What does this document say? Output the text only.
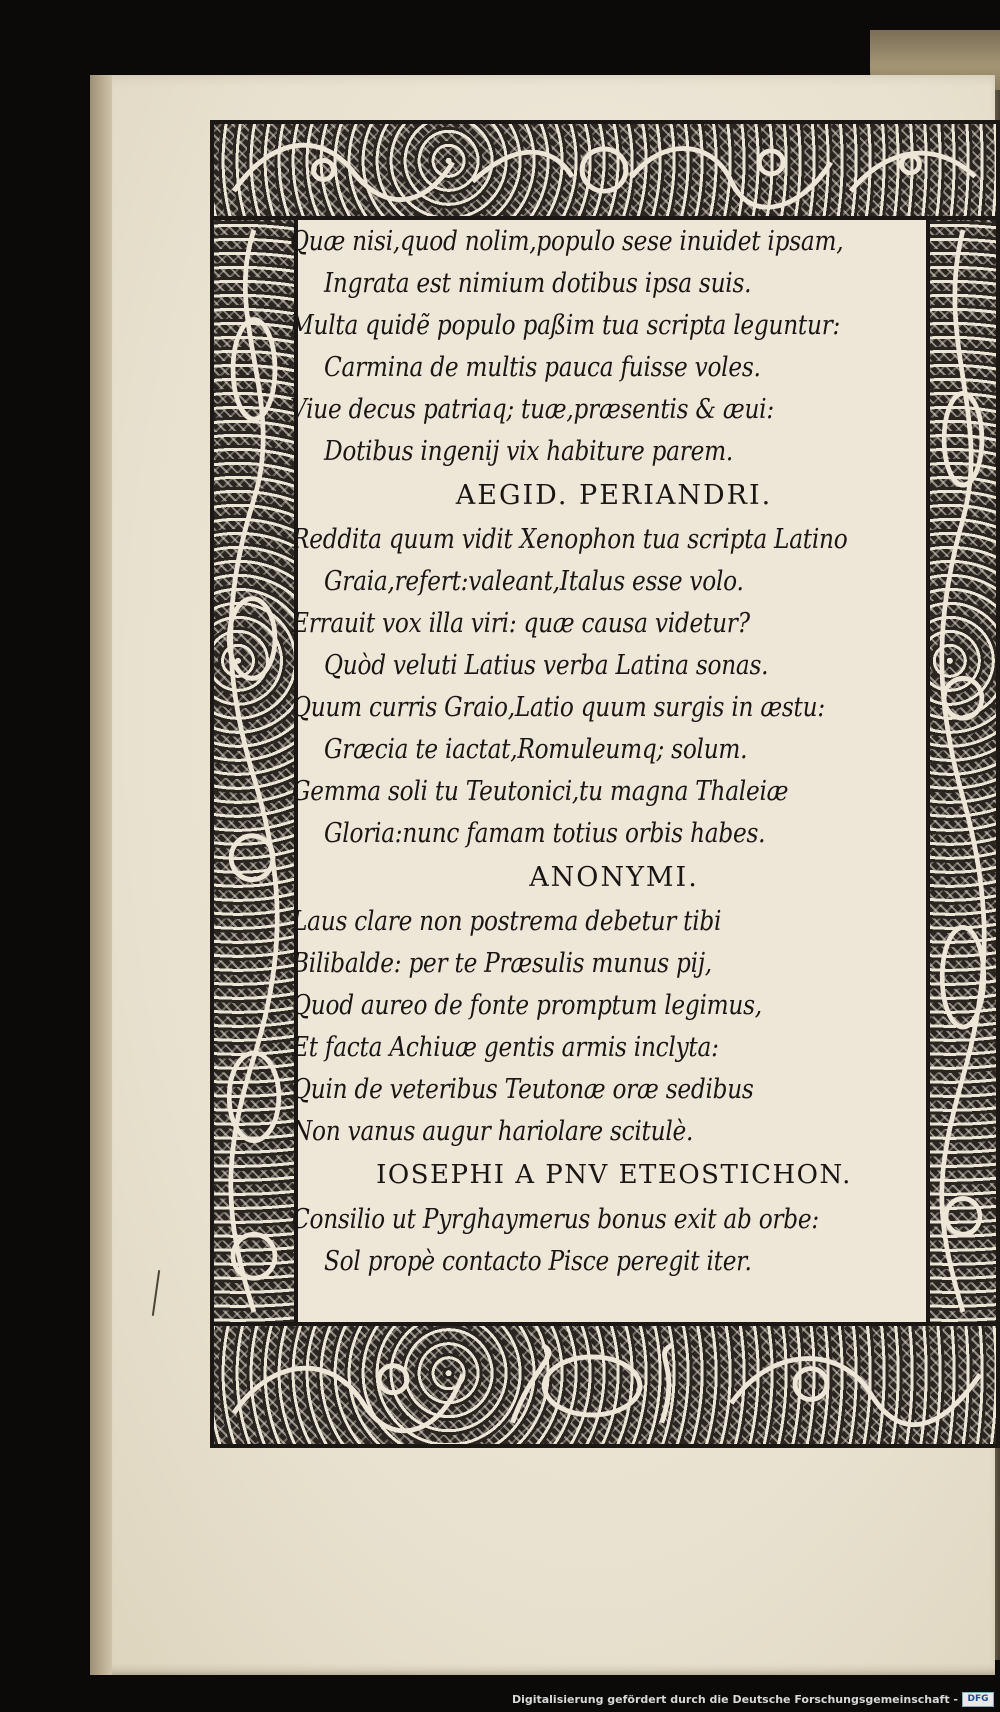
Quæ nisi,quod nolim,populo sese inuidet ipsam,
Ingrata est nimium dotibus ipsa suis.
Multa quidẽ populo paßim tua scripta leguntur:
Carmina de multis pauca fuisse voles.
Viue decus patriaq; tuæ,præsentis & æui:
Dotibus ingenij vix habiture parem.
AEGID. PERIANDRI.
Reddita quum vidit Xenophon tua scripta Latino
Graia,refert:valeant,Italus esse volo.
Errauit vox illa viri: quæ causa videtur?
Quòd veluti Latius verba Latina sonas.
Quum curris Graio,Latio quum surgis in æstu:
Græcia te iactat,Romuleumq; solum.
Gemma soli tu Teutonici,tu magna Thaleiæ
Gloria:nunc famam totius orbis habes.
ANONYMI.
Laus clare non postrema debetur tibi
Bilibalde: per te Præsulis munus pij,
Quod aureo de fonte promptum legimus,
Et facta Achiuæ gentis armis inclyta:
Quin de veteribus Teutonæ oræ sedibus
Non vanus augur hariolare scitulè.
IOSEPHI A PNV ETEOSTICHON.
Consilio ut Pyrghaymerus bonus exit ab orbe:
Sol propè contacto Pisce peregit iter.
Digitalisierung gefördert durch die Deutsche Forschungsgemeinschaft -	DFG
